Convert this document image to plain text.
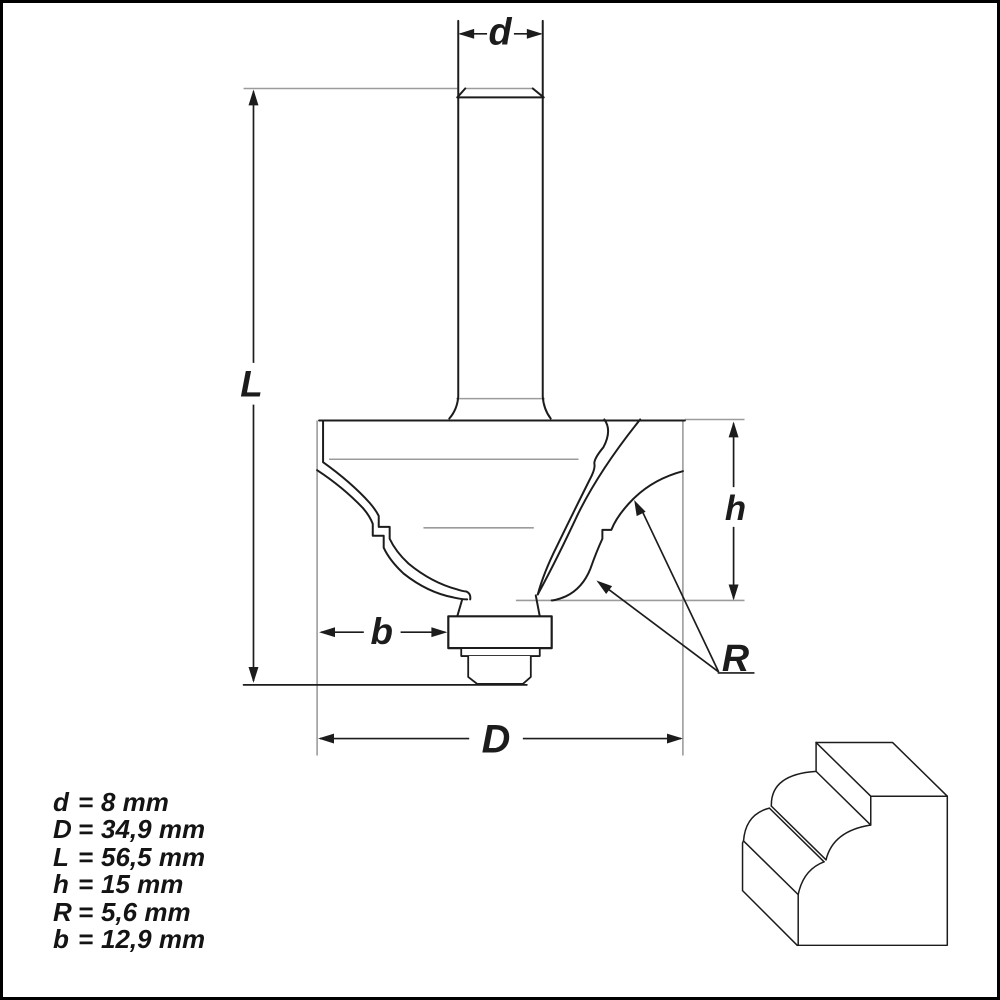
d
L
h
b
D
R
d = 8 mm
D = 34,9 mm
L = 56,5 mm
h = 15 mm
R = 5,6 mm
b = 12,9 mm
